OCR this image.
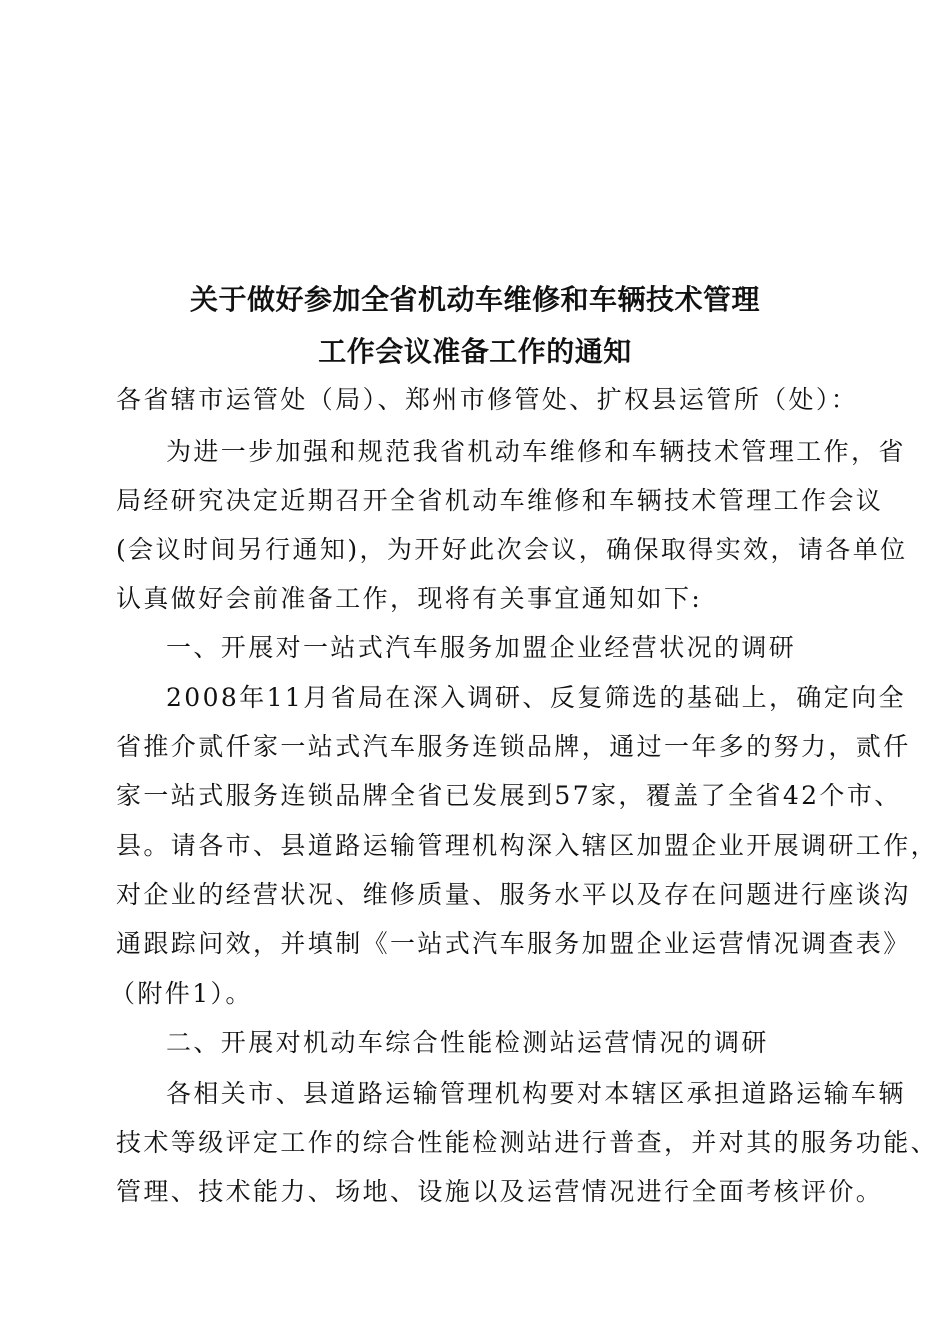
关于做好参加全省机动车维修和车辆技术管理
工作会议准备工作的通知
各省辖市运管处（局）、郑州市修管处、扩权县运管所（处）：
为进一步加强和规范我省机动车维修和车辆技术管理工作，省
局经研究决定近期召开全省机动车维修和车辆技术管理工作会议
(会议时间另行通知)，为开好此次会议，确保取得实效，请各单位
认真做好会前准备工作，现将有关事宜通知如下:
一、开展对一站式汽车服务加盟企业经营状况的调研
2008年11月省局在深入调研、反复筛选的基础上，确定向全
省推介贰仟家一站式汽车服务连锁品牌，通过一年多的努力，贰仟
家一站式服务连锁品牌全省已发展到57家，覆盖了全省42个市、
县。请各市、县道路运输管理机构深入辖区加盟企业开展调研工作，
对企业的经营状况、维修质量、服务水平以及存在问题进行座谈沟
通跟踪问效，并填制《一站式汽车服务加盟企业运营情况调查表》
（附件1）。
二、开展对机动车综合性能检测站运营情况的调研
各相关市、县道路运输管理机构要对本辖区承担道路运输车辆
技术等级评定工作的综合性能检测站进行普查，并对其的服务功能、
管理、技术能力、场地、设施以及运营情况进行全面考核评价。
